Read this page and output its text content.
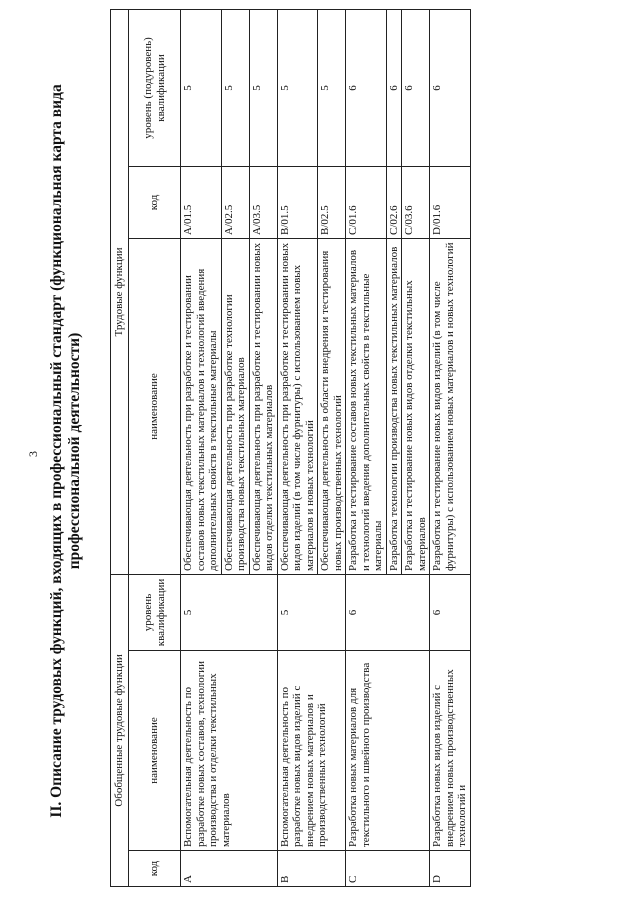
3 II. Описание трудовых функций, входящих в профессиональный стандарт (функциональная карта вида профессиональной деятельности)
Обобщенные трудовые функции			Трудовые функции		
код	наименование	уровень квалификации	наименование	код	уровень (подуровень) квалификации
A	Вспомогательная деятельность по разработке новых составов, технологии производства и отделки текстильных материалов	5	Обеспечивающая деятельность при разработке и тестировании составов новых текстильных материалов и технологий введения дополнительных свойств в текстильные материалы	A/01.5	5
			Обеспечивающая деятельность при разработке технологии производства новых текстильных материалов	A/02.5	5
			Обеспечивающая деятельность при разработке и тестировании новых видов отделки текстильных материалов	A/03.5	5
B	Вспомогательная деятельность по разработке новых видов изделий с внедрением новых материалов и производственных технологий	5	Обеспечивающая деятельность при разработке и тестировании новых видов изделий (в том числе фурнитуры) с использованием новых материалов и новых технологий	B/01.5	5
			Обеспечивающая деятельность в области внедрения и тестирования новых производственных технологий	B/02.5	5
C	Разработка новых материалов для текстильного и швейного производства	6	Разработка и тестирование составов новых текстильных материалов и технологий введения дополнительных свойств в текстильные материалы	C/01.6	6
			Разработка технологии производства новых текстильных материалов	C/02.6	6
			Разработка и тестирование новых видов отделки текстильных материалов	C/03.6	6
D	Разработка новых видов изделий с внедрением новых производственных технологий и	6	Разработка и тестирование новых видов изделий (в том числе фурнитуры) с использованием новых материалов и новых технологий	D/01.6	6
